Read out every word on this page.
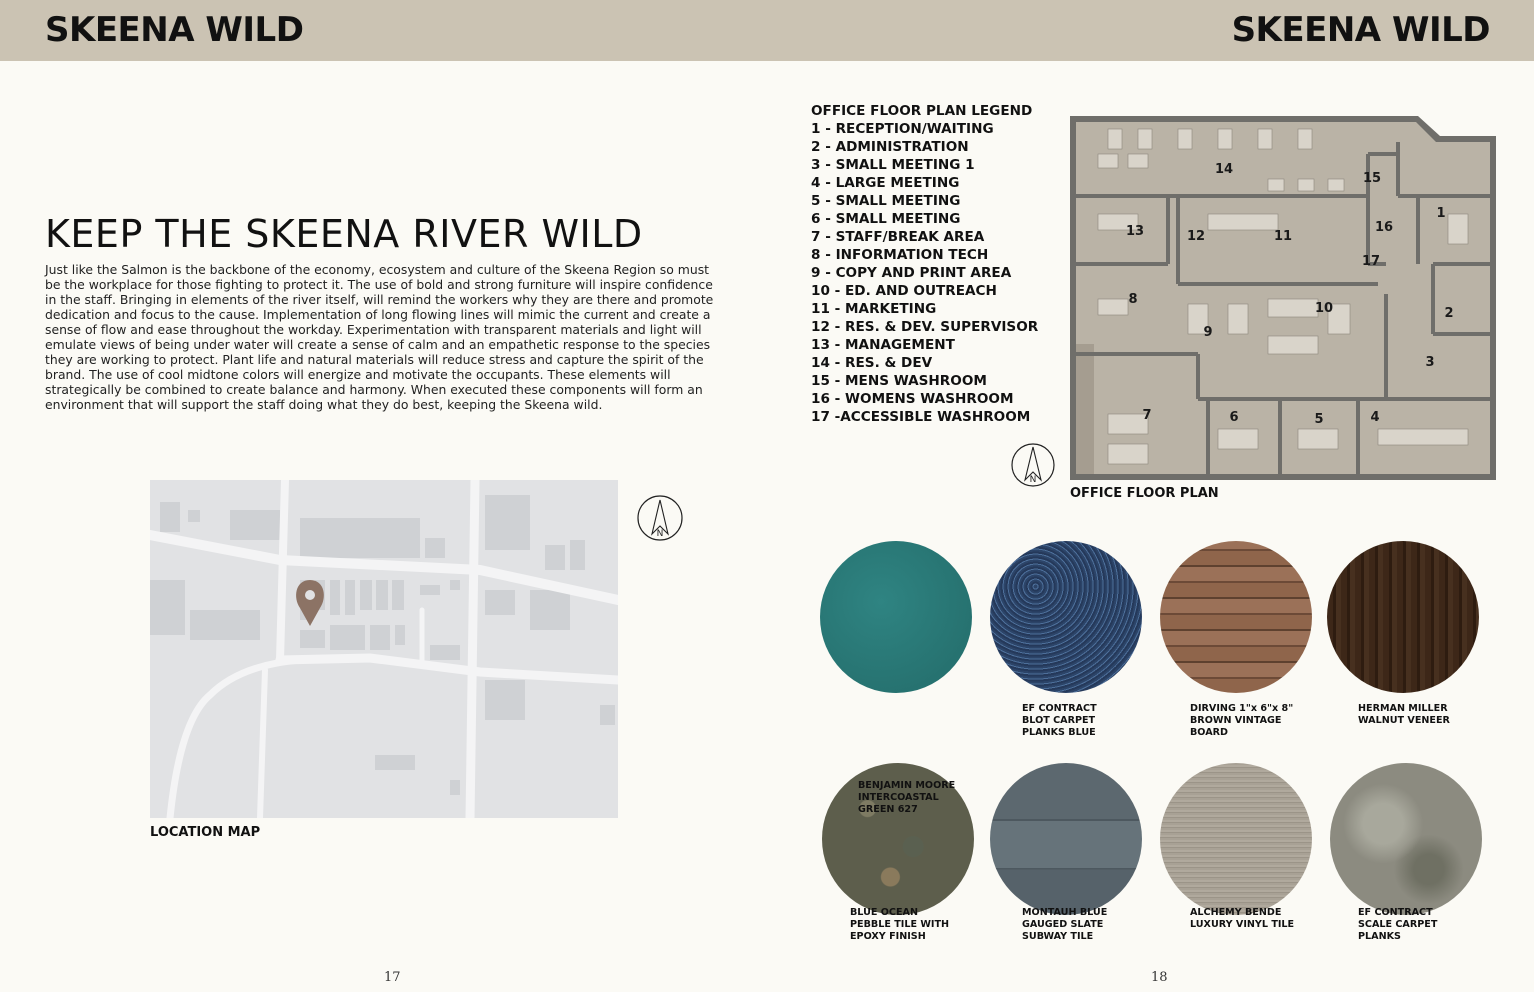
SKEENA WILD	SKEENA WILD
KEEP THE SKEENA RIVER WILD

Just like the Salmon is the backbone of the economy, ecosystem and culture of the Skeena Region so must be the workplace for those fighting to protect it. The use of bold and strong furniture will inspire confidence in the staff. Bringing in elements of the river itself, will remind the workers why they are there and promote dedication and focus to the cause. Implementation of long flowing lines will mimic the current and create a sense of flow and ease throughout the workday. Experimentation with transparent materials and light will emulate views of being under water will create a sense of calm and an empathetic response to the species they are working to protect. Plant life and natural materials will reduce stress and capture the spirit of the brand. The use of cool midtone colors will energize and motivate the occupants. These elements will strategically be combined to create balance and harmony. When executed these components will form an environment that will support the staff doing what they do best, keeping the Skeena wild.

LOCATION MAP
N
17
OFFICE FLOOR PLAN LEGEND
1 - RECEPTION/WAITING
2 - ADMINISTRATION
3 - SMALL MEETING 1
4 - LARGE MEETING
5 - SMALL MEETING
6 - SMALL MEETING
7 - STAFF/BREAK AREA
8 - INFORMATION TECH
9 - COPY AND PRINT AREA
10 - ED. AND OUTREACH
11 - MARKETING
12 - RES. & DEV. SUPERVISOR
13 - MANAGEMENT
14 - RES. & DEV
15 - MENS WASHROOM
16 - WOMENS WASHROOM
17 -ACCESSIBLE WASHROOM
1
2
3
4
5
6
7
8
9
10
11
12
13
14
15
16
17
N
OFFICE FLOOR PLAN
EF CONTRACT
BLOT CARPET
PLANKS BLUE
DIRVING 1"x 6"x 8"
BROWN VINTAGE
BOARD
HERMAN MILLER
WALNUT VENEER
BLUE OCEAN
PEBBLE TILE WITH
EPOXY FINISH
MONTAUH BLUE
GAUGED SLATE
SUBWAY TILE
ALCHEMY BENDE
LUXURY VINYL TILE
EF CONTRACT
SCALE CARPET
PLANKS
BENJAMIN MOORE
INTERCOASTAL
GREEN 627
18
